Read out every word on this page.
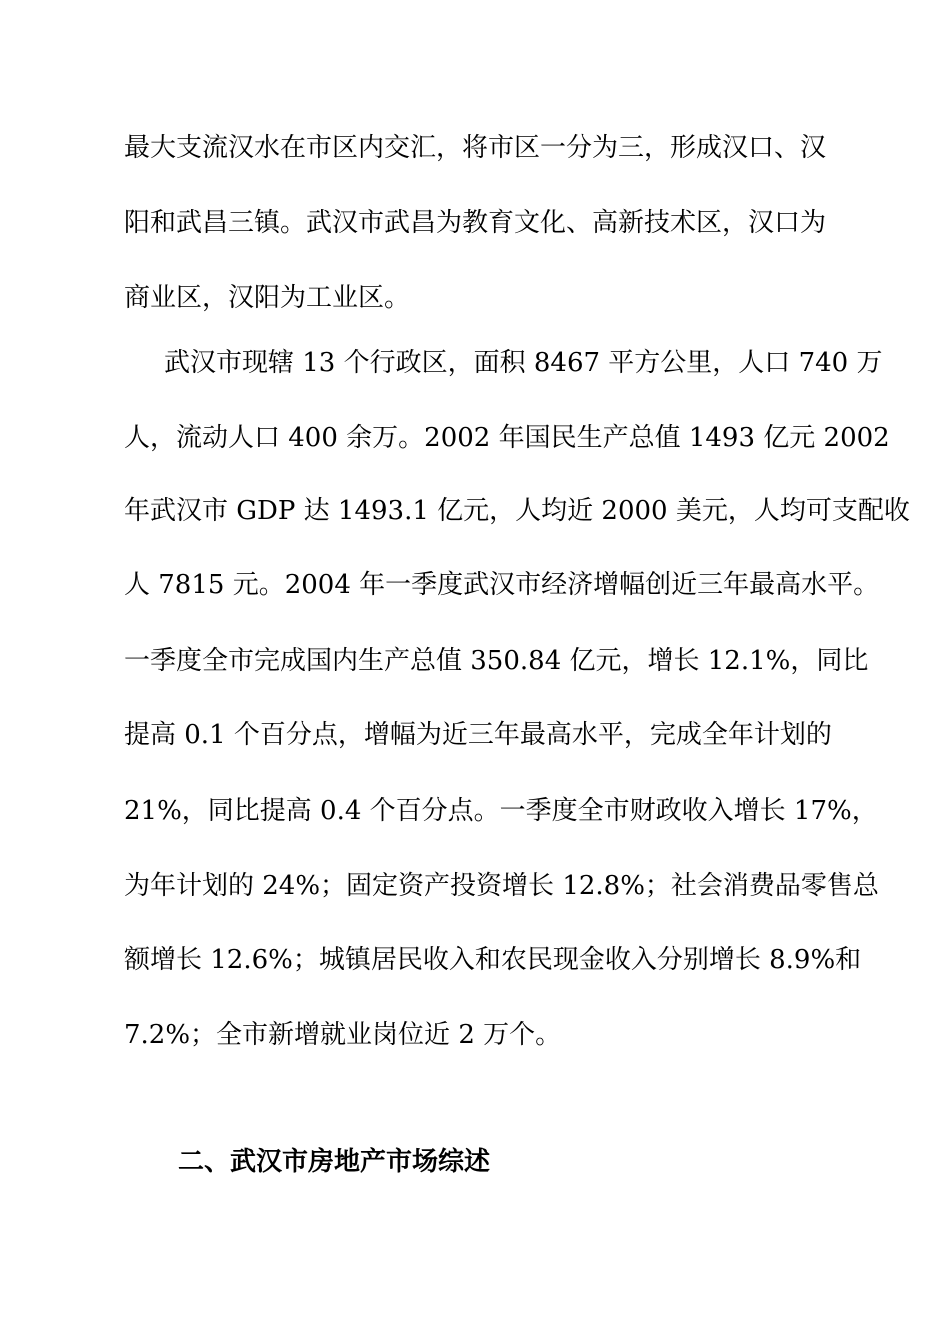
最大支流汉水在市区内交汇，将市区一分为三，形成汉口、汉
阳和武昌三镇。武汉市武昌为教育文化、高新技术区，汉口为
商业区，汉阳为工业区。
武汉市现辖 13 个行政区，面积 8467 平方公里，人口 740 万
人，流动人口 400 余万。2002 年国民生产总值 1493 亿元 2002
年武汉市 GDP 达 1493.1 亿元，人均近 2000 美元，人均可支配收
人 7815 元。2004 年一季度武汉市经济增幅创近三年最高水平。
一季度全市完成国内生产总值 350.84 亿元，增长 12.1%，同比
提高 0.1 个百分点，增幅为近三年最高水平，完成全年计划的
21%，同比提高 0.4 个百分点。一季度全市财政收入增长 17%，
为年计划的 24%；固定资产投资增长 12.8%；社会消费品零售总
额增长 12.6%；城镇居民收入和农民现金收入分别增长 8.9%和
7.2%；全市新增就业岗位近 2 万个。
二、武汉市房地产市场综述
